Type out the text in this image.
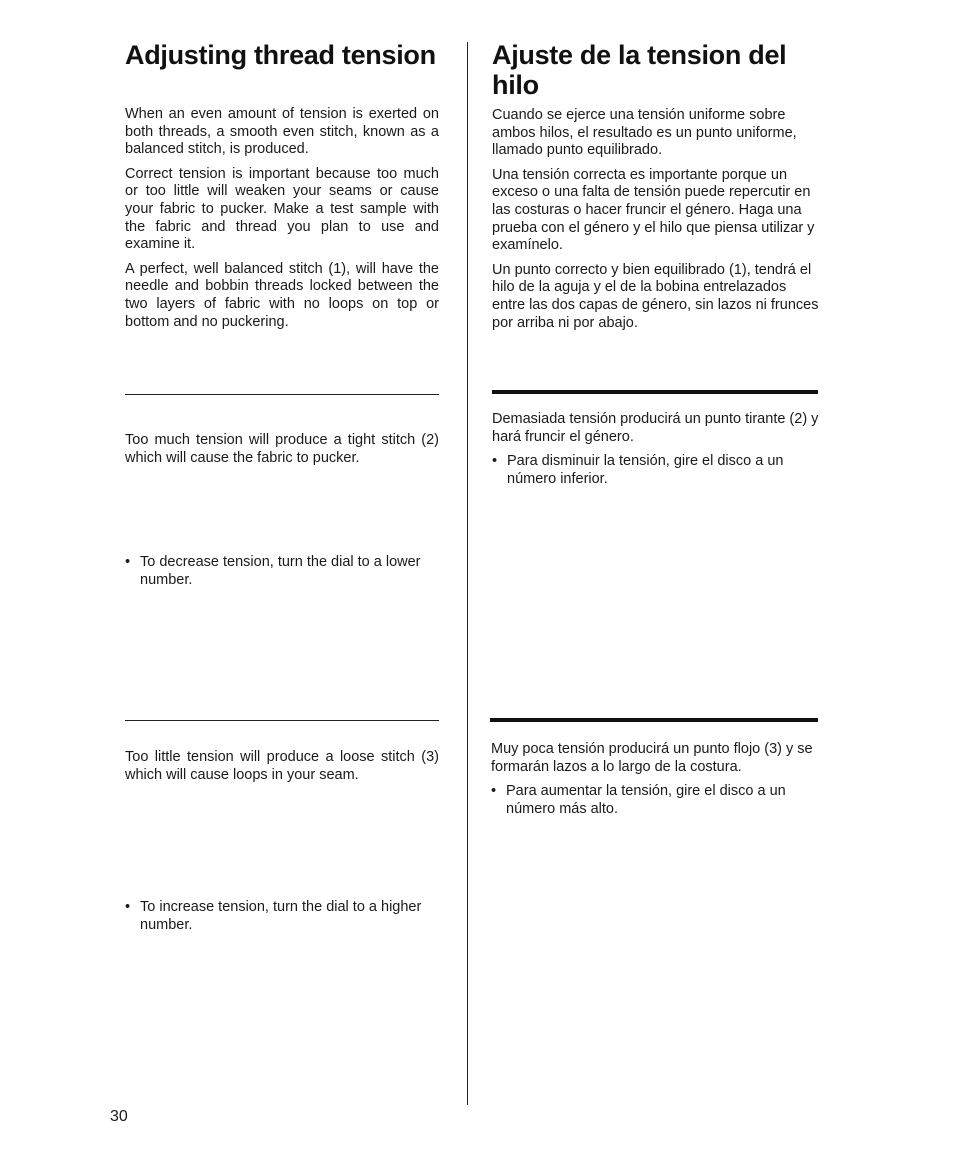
Adjusting thread tension

When an even amount of tension is exerted on both threads, a smooth even stitch, known as a balanced stitch, is produced.

Correct tension is important because too much or too little will weaken your seams or cause your fabric to pucker. Make a test sample with the fabric and thread you plan to use and examine it.

A perfect, well balanced stitch (1), will have the needle and bobbin threads locked between the two layers of fabric with no loops on top or bottom and no puckering.

Too much tension will produce a tight stitch (2) which will cause the fabric to pucker.

• To decrease tension, turn the dial to a lower number.

Too little tension will produce a loose stitch (3) which will cause loops in your seam.

• To increase tension, turn the dial to a higher number.
Ajuste de la tension del hilo

Cuando se ejerce una tensión uniforme sobre ambos hilos, el resultado es un punto uniforme, llamado punto equilibrado.

Una tensión correcta es importante porque un exceso o una falta de tensión puede repercutir en las costuras o hacer fruncir el género. Haga una prueba con el género y el hilo que piensa utilizar y examínelo.

Un punto correcto y bien equilibrado (1), tendrá el hilo de la aguja y el de la bobina entrelazados entre las dos capas de género, sin lazos ni frunces por arriba ni por abajo.

Demasiada tensión producirá un punto tirante (2) y hará fruncir el género.

• Para disminuir la tensión, gire el disco a un número inferior.

Muy poca tensión producirá un punto flojo (3) y se formarán lazos a lo largo de la costura.

• Para aumentar la tensión, gire el disco a un número más alto.
30
